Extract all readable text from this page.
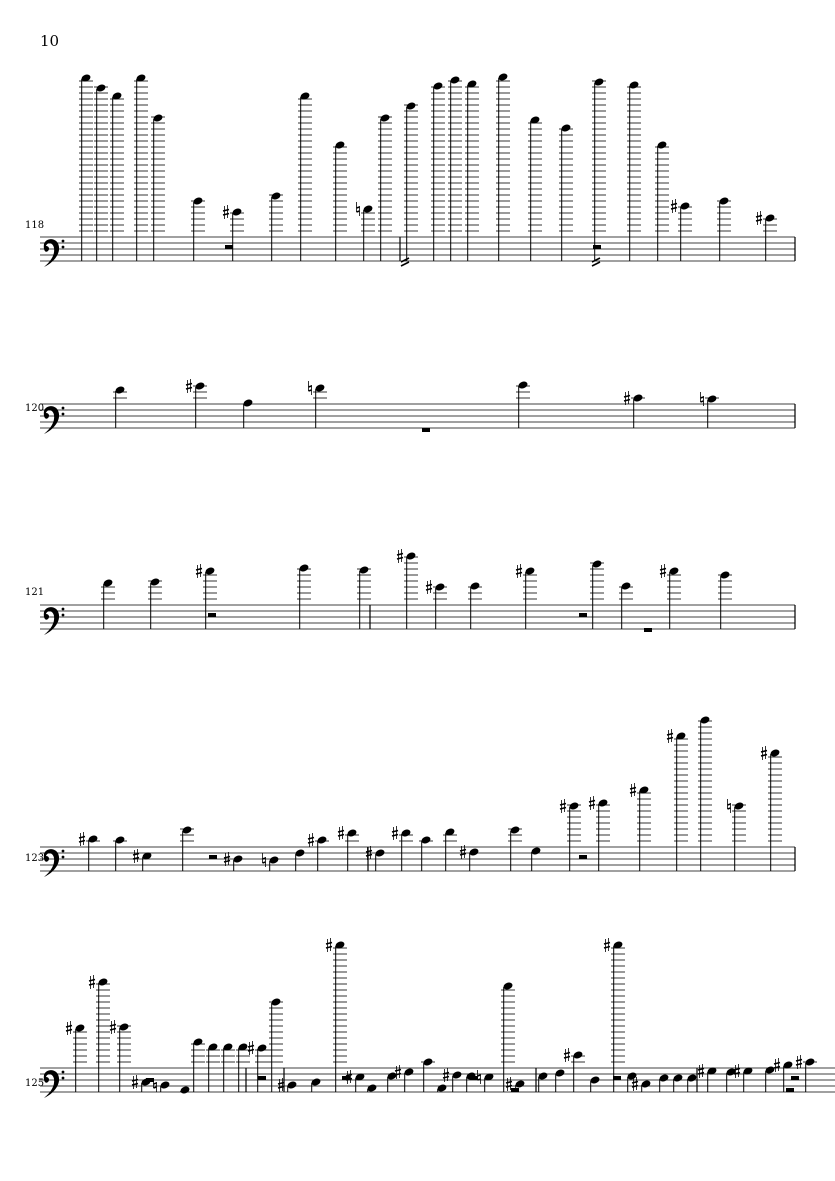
10
118
120
121
123
125
